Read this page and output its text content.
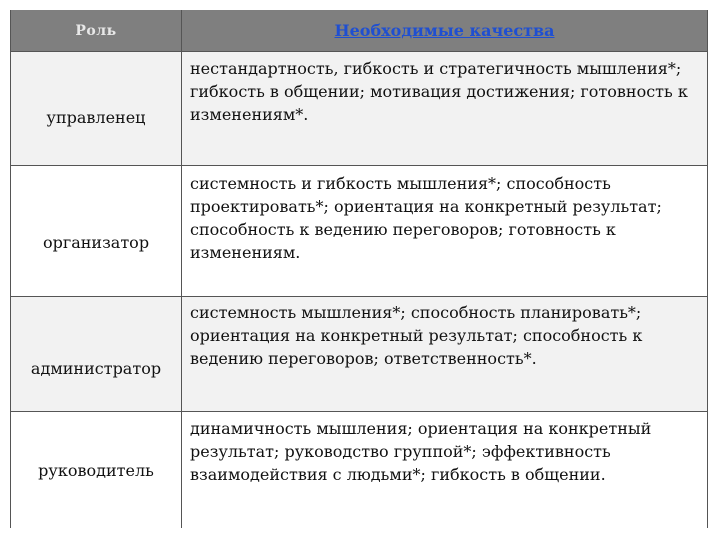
Роль	Необходимые качества
управленец
нестандартность, гибкость и стратегичность мышления*; гибкость в общении; мотивация достижения; готовность к изменениям*.
организатор
системность и гибкость мышления*; способность проектировать*; ориентация на конкретный результат; способность к ведению переговоров; готовность к изменениям.
администратор
системность мышления*; способность планировать*; ориентация на конкретный результат; способность к ведению переговоров; ответственность*.
руководитель
динамичность мышления; ориентация на конкретный результат; руководство группой*; эффективность взаимодействия с людьми*; гибкость в общении.
